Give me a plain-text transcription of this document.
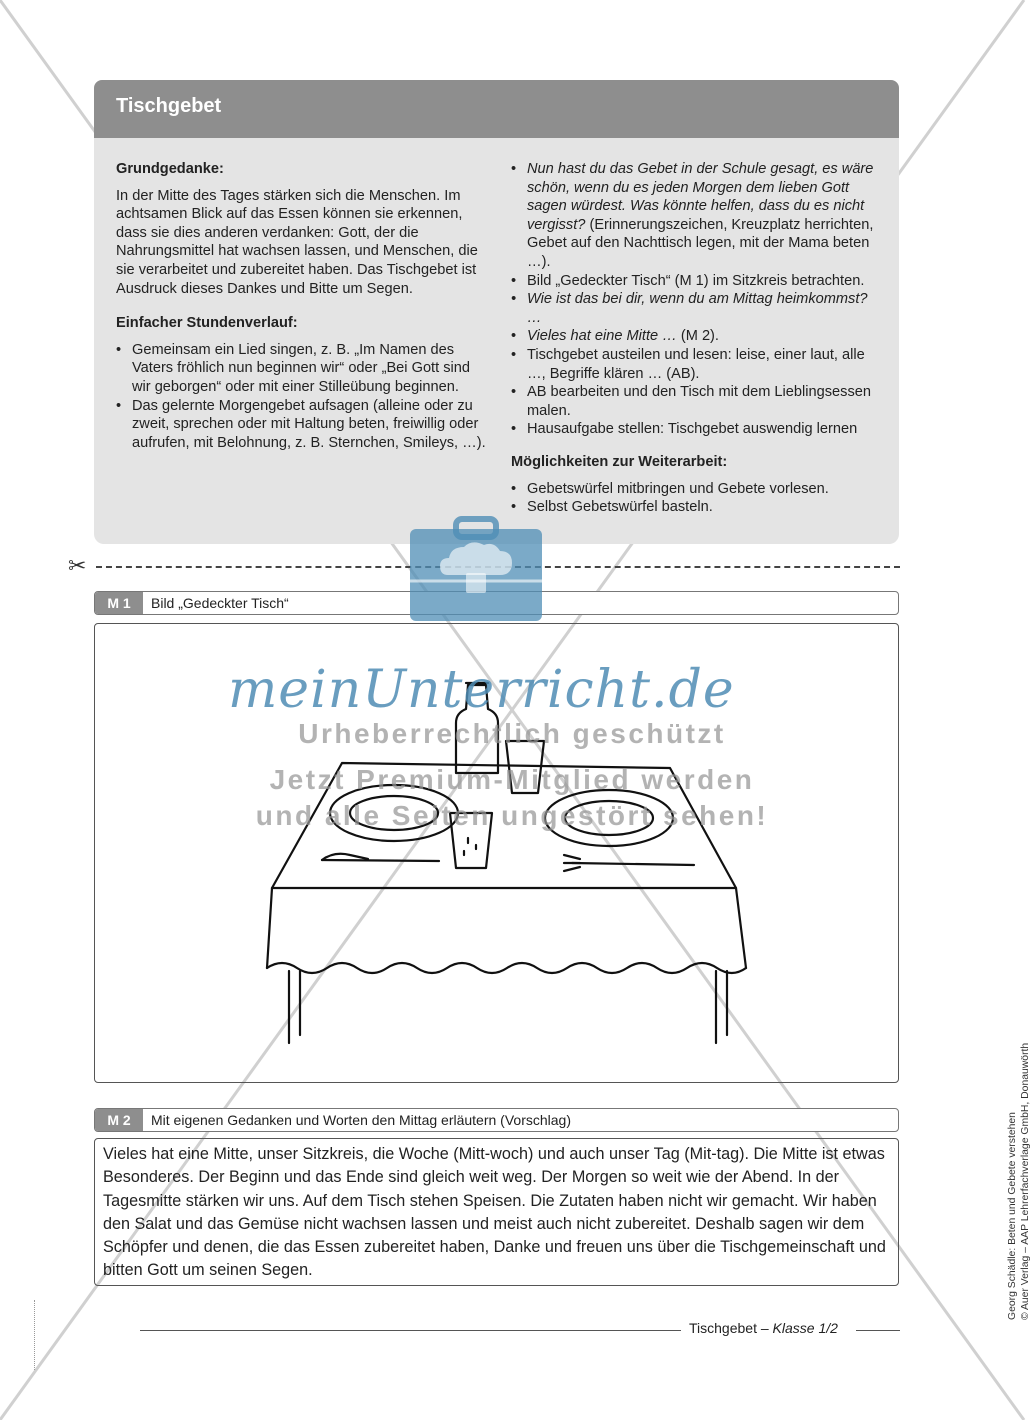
Tischgebet
Grundgedanke:
In der Mitte des Tages stärken sich die Menschen. Im achtsamen Blick auf das Essen können sie erkennen, dass sie dies anderen verdanken: Gott, der die Nahrungsmittel hat wachsen lassen, und Menschen, die sie verarbeitet und zubereitet haben. Das Tischgebet ist Ausdruck dieses Dankes und Bitte um Segen.
Einfacher Stundenverlauf:
• Gemeinsam ein Lied singen, z. B. „Im Namen des Vaters fröhlich nun beginnen wir“ oder „Bei Gott sind wir geborgen“ oder mit einer Stilleübung beginnen.
• Das gelernte Morgengebet aufsagen (alleine oder zu zweit, sprechen oder mit Haltung beten, freiwillig oder aufrufen, mit Belohnung, z. B. Sternchen, Smileys, …).
• Nun hast du das Gebet in der Schule gesagt, es wäre schön, wenn du es jeden Morgen dem lieben Gott sagen würdest. Was könnte helfen, dass du es nicht vergisst? (Erinnerungszeichen, Kreuzplatz herrichten, Gebet auf den Nachttisch legen, mit der Mama beten …).
• Bild „Gedeckter Tisch“ (M 1) im Sitzkreis betrachten.
• Wie ist das bei dir, wenn du am Mittag heimkommst? …
• Vieles hat eine Mitte … (M 2).
• Tischgebet austeilen und lesen: leise, einer laut, alle …, Begriffe klären … (AB).
• AB bearbeiten und den Tisch mit dem Lieblingsessen malen.
• Hausaufgabe stellen: Tischgebet auswendig lernen
Möglichkeiten zur Weiterarbeit:
• Gebetswürfel mitbringen und Gebete vorlesen.
• Selbst Gebetswürfel basteln.
✂
M 1	Bild „Gedeckter Tisch“
M 2	Mit eigenen Gedanken und Worten den Mittag erläutern (Vorschlag)
Vieles hat eine Mitte, unser Sitzkreis, die Woche (Mitt-woch) und auch unser Tag (Mit-tag). Die Mitte ist etwas Besonderes. Der Beginn und das Ende sind gleich weit weg. Der Morgen so weit wie der Abend. In der Tagesmitte stärken wir uns. Auf dem Tisch stehen Speisen. Die Zutaten haben nicht wir gemacht. Wir haben den Salat und das Gemüse nicht wachsen lassen und meist auch nicht zubereitet. Deshalb sagen wir dem Schöpfer und denen, die das Essen zubereitet haben, Danke und freuen uns über die Tischgemeinschaft und bitten Gott um seinen Segen.
meinUnterricht.de
Urheberrechtlich geschützt
Jetzt Premium-Mitglied werden
und alle Seiten ungestört sehen!
Georg Schädle: Beten und Gebete verstehen © Auer Verlag – AAP Lehrerfachverlage GmbH, Donauwörth
Tischgebet – Klasse 1/2
